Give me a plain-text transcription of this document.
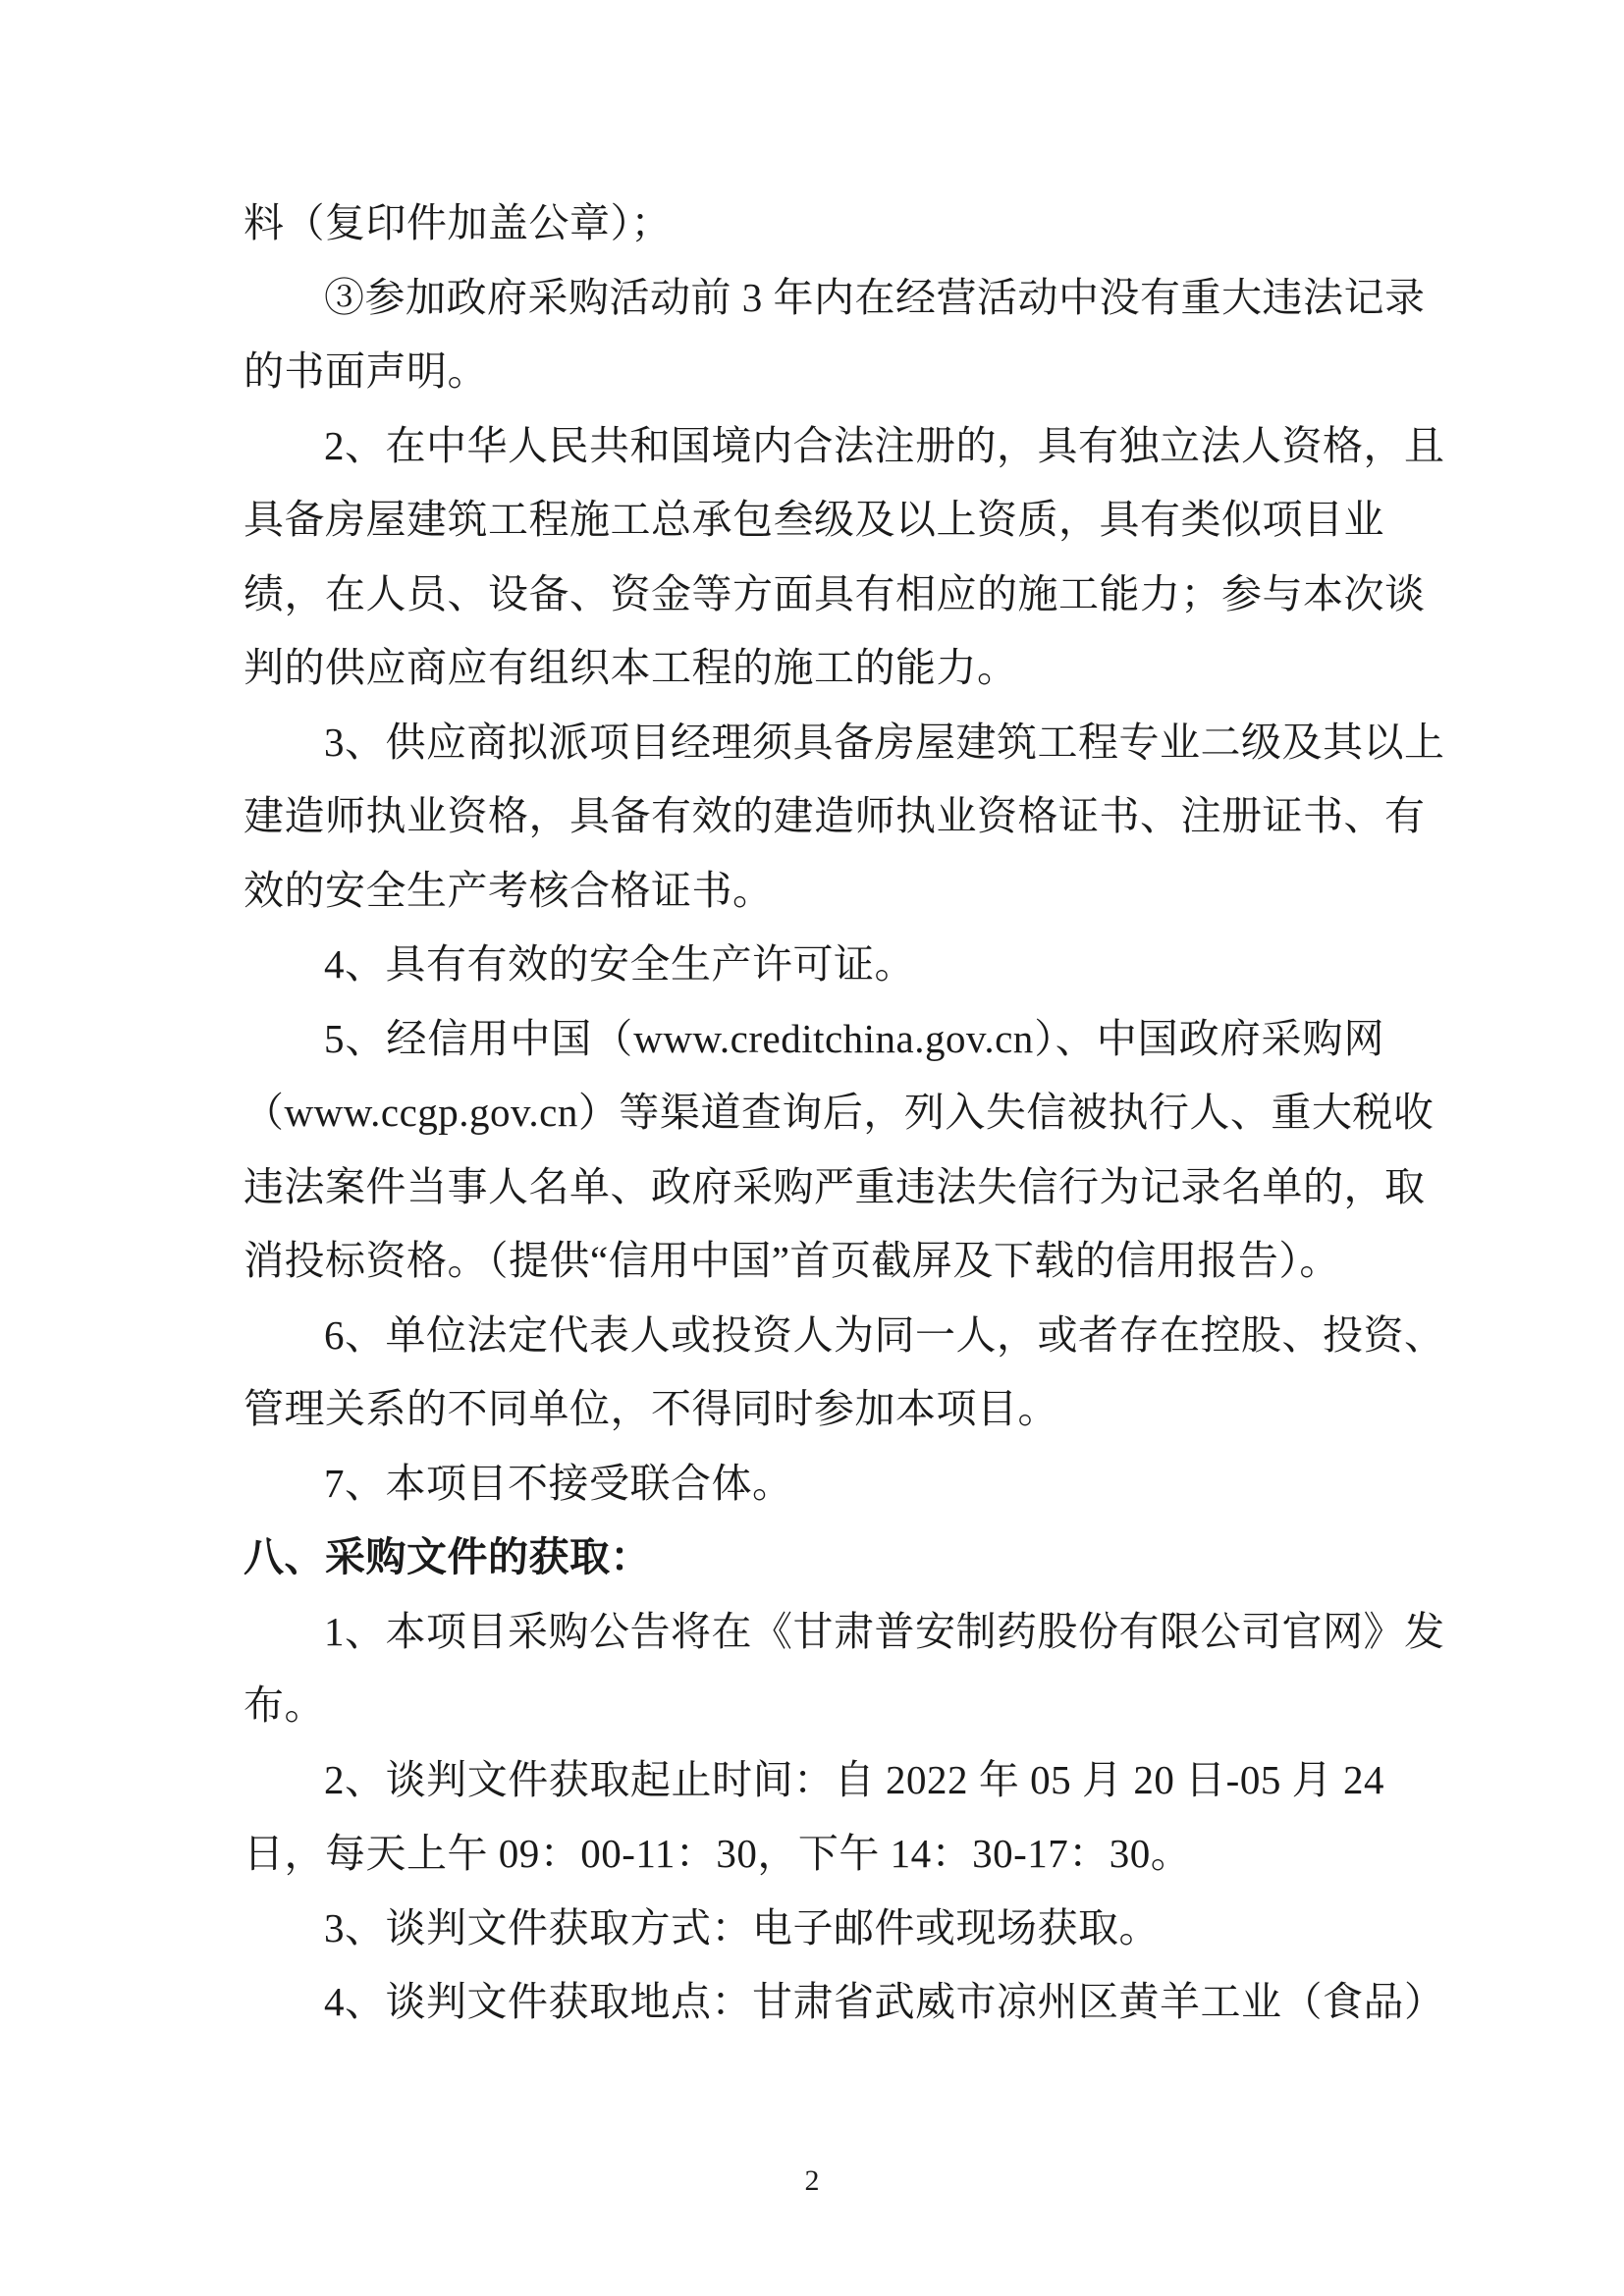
料（复印件加盖公章）；
③参加政府采购活动前 3 年内在经营活动中没有重大违法记录
的书面声明。
2、在中华人民共和国境内合法注册的，具有独立法人资格，且
具备房屋建筑工程施工总承包叁级及以上资质，具有类似项目业
绩，在人员、设备、资金等方面具有相应的施工能力；参与本次谈
判的供应商应有组织本工程的施工的能力。
3、供应商拟派项目经理须具备房屋建筑工程专业二级及其以上
建造师执业资格，具备有效的建造师执业资格证书、注册证书、有
效的安全生产考核合格证书。
4、具有有效的安全生产许可证。
5、经信用中国（www.creditchina.gov.cn）、中国政府采购网
（www.ccgp.gov.cn）等渠道查询后，列入失信被执行人、重大税收
违法案件当事人名单、政府采购严重违法失信行为记录名单的，取
消投标资格。（提供“信用中国”首页截屏及下载的信用报告）。
6、单位法定代表人或投资人为同一人，或者存在控股、投资、
管理关系的不同单位，不得同时参加本项目。
7、本项目不接受联合体。
八、采购文件的获取：
1、本项目采购公告将在《甘肃普安制药股份有限公司官网》发
布。
2、谈判文件获取起止时间：自 2022 年 05 月 20 日-05 月 24
日，每天上午 09：00-11：30，下午 14：30-17：30。
3、谈判文件获取方式：电子邮件或现场获取。
4、谈判文件获取地点：甘肃省武威市凉州区黄羊工业（食品）
2
